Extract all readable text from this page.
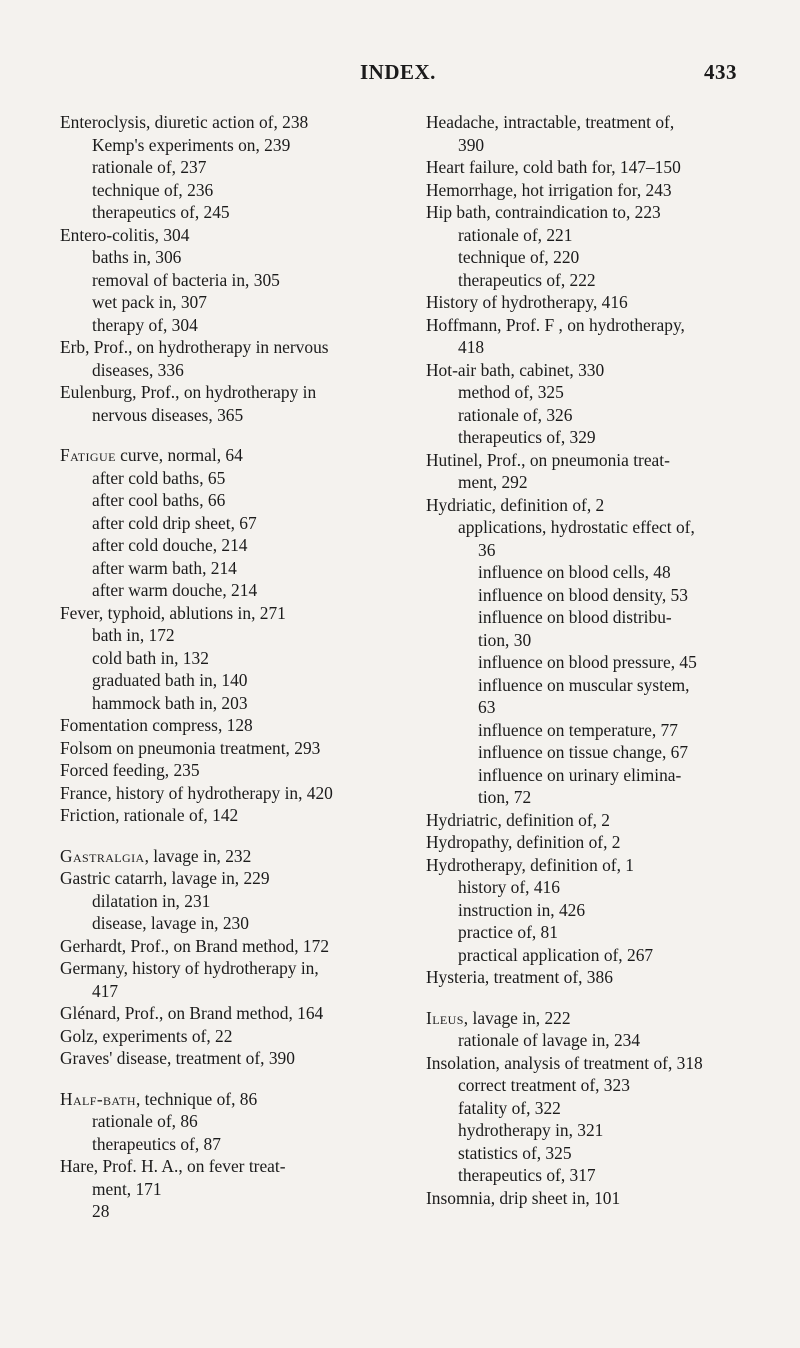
INDEX.	433
Enteroclysis, diuretic action of, 238
Kemp's experiments on, 239
rationale of, 237
technique of, 236
therapeutics of, 245
Entero-colitis, 304
baths in, 306
removal of bacteria in, 305
wet pack in, 307
therapy of, 304
Erb, Prof., on hydrotherapy in nervous
diseases, 336
Eulenburg, Prof., on hydrotherapy in
nervous diseases, 365
Fatigue curve, normal, 64
after cold baths, 65
after cool baths, 66
after cold drip sheet, 67
after cold douche, 214
after warm bath, 214
after warm douche, 214
Fever, typhoid, ablutions in, 271
bath in, 172
cold bath in, 132
graduated bath in, 140
hammock bath in, 203
Fomentation compress, 128
Folsom on pneumonia treatment, 293
Forced feeding, 235
France, history of hydrotherapy in, 420
Friction, rationale of, 142
Gastralgia, lavage in, 232
Gastric catarrh, lavage in, 229
dilatation in, 231
disease, lavage in, 230
Gerhardt, Prof., on Brand method, 172
Germany, history of hydrotherapy in,
417
Glénard, Prof., on Brand method, 164
Golz, experiments of, 22
Graves' disease, treatment of, 390
Half-bath, technique of, 86
rationale of, 86
therapeutics of, 87
Hare, Prof. H. A., on fever treat-
ment, 171
28
Headache, intractable, treatment of,
390
Heart failure, cold bath for, 147–150
Hemorrhage, hot irrigation for, 243
Hip bath, contraindication to, 223
rationale of, 221
technique of, 220
therapeutics of, 222
History of hydrotherapy, 416
Hoffmann, Prof. F , on hydrotherapy,
418
Hot-air bath, cabinet, 330
method of, 325
rationale of, 326
therapeutics of, 329
Hutinel, Prof., on pneumonia treat-
ment, 292
Hydriatic, definition of, 2
applications, hydrostatic effect of,
36
influence on blood cells, 48
influence on blood density, 53
influence on blood distribu-
tion, 30
influence on blood pressure, 45
influence on muscular system,
63
influence on temperature, 77
influence on tissue change, 67
influence on urinary elimina-
tion, 72
Hydriatric, definition of, 2
Hydropathy, definition of, 2
Hydrotherapy, definition of, 1
history of, 416
instruction in, 426
practice of, 81
practical application of, 267
Hysteria, treatment of, 386
Ileus, lavage in, 222
rationale of lavage in, 234
Insolation, analysis of treatment of, 318
correct treatment of, 323
fatality of, 322
hydrotherapy in, 321
statistics of, 325
therapeutics of, 317
Insomnia, drip sheet in, 101
